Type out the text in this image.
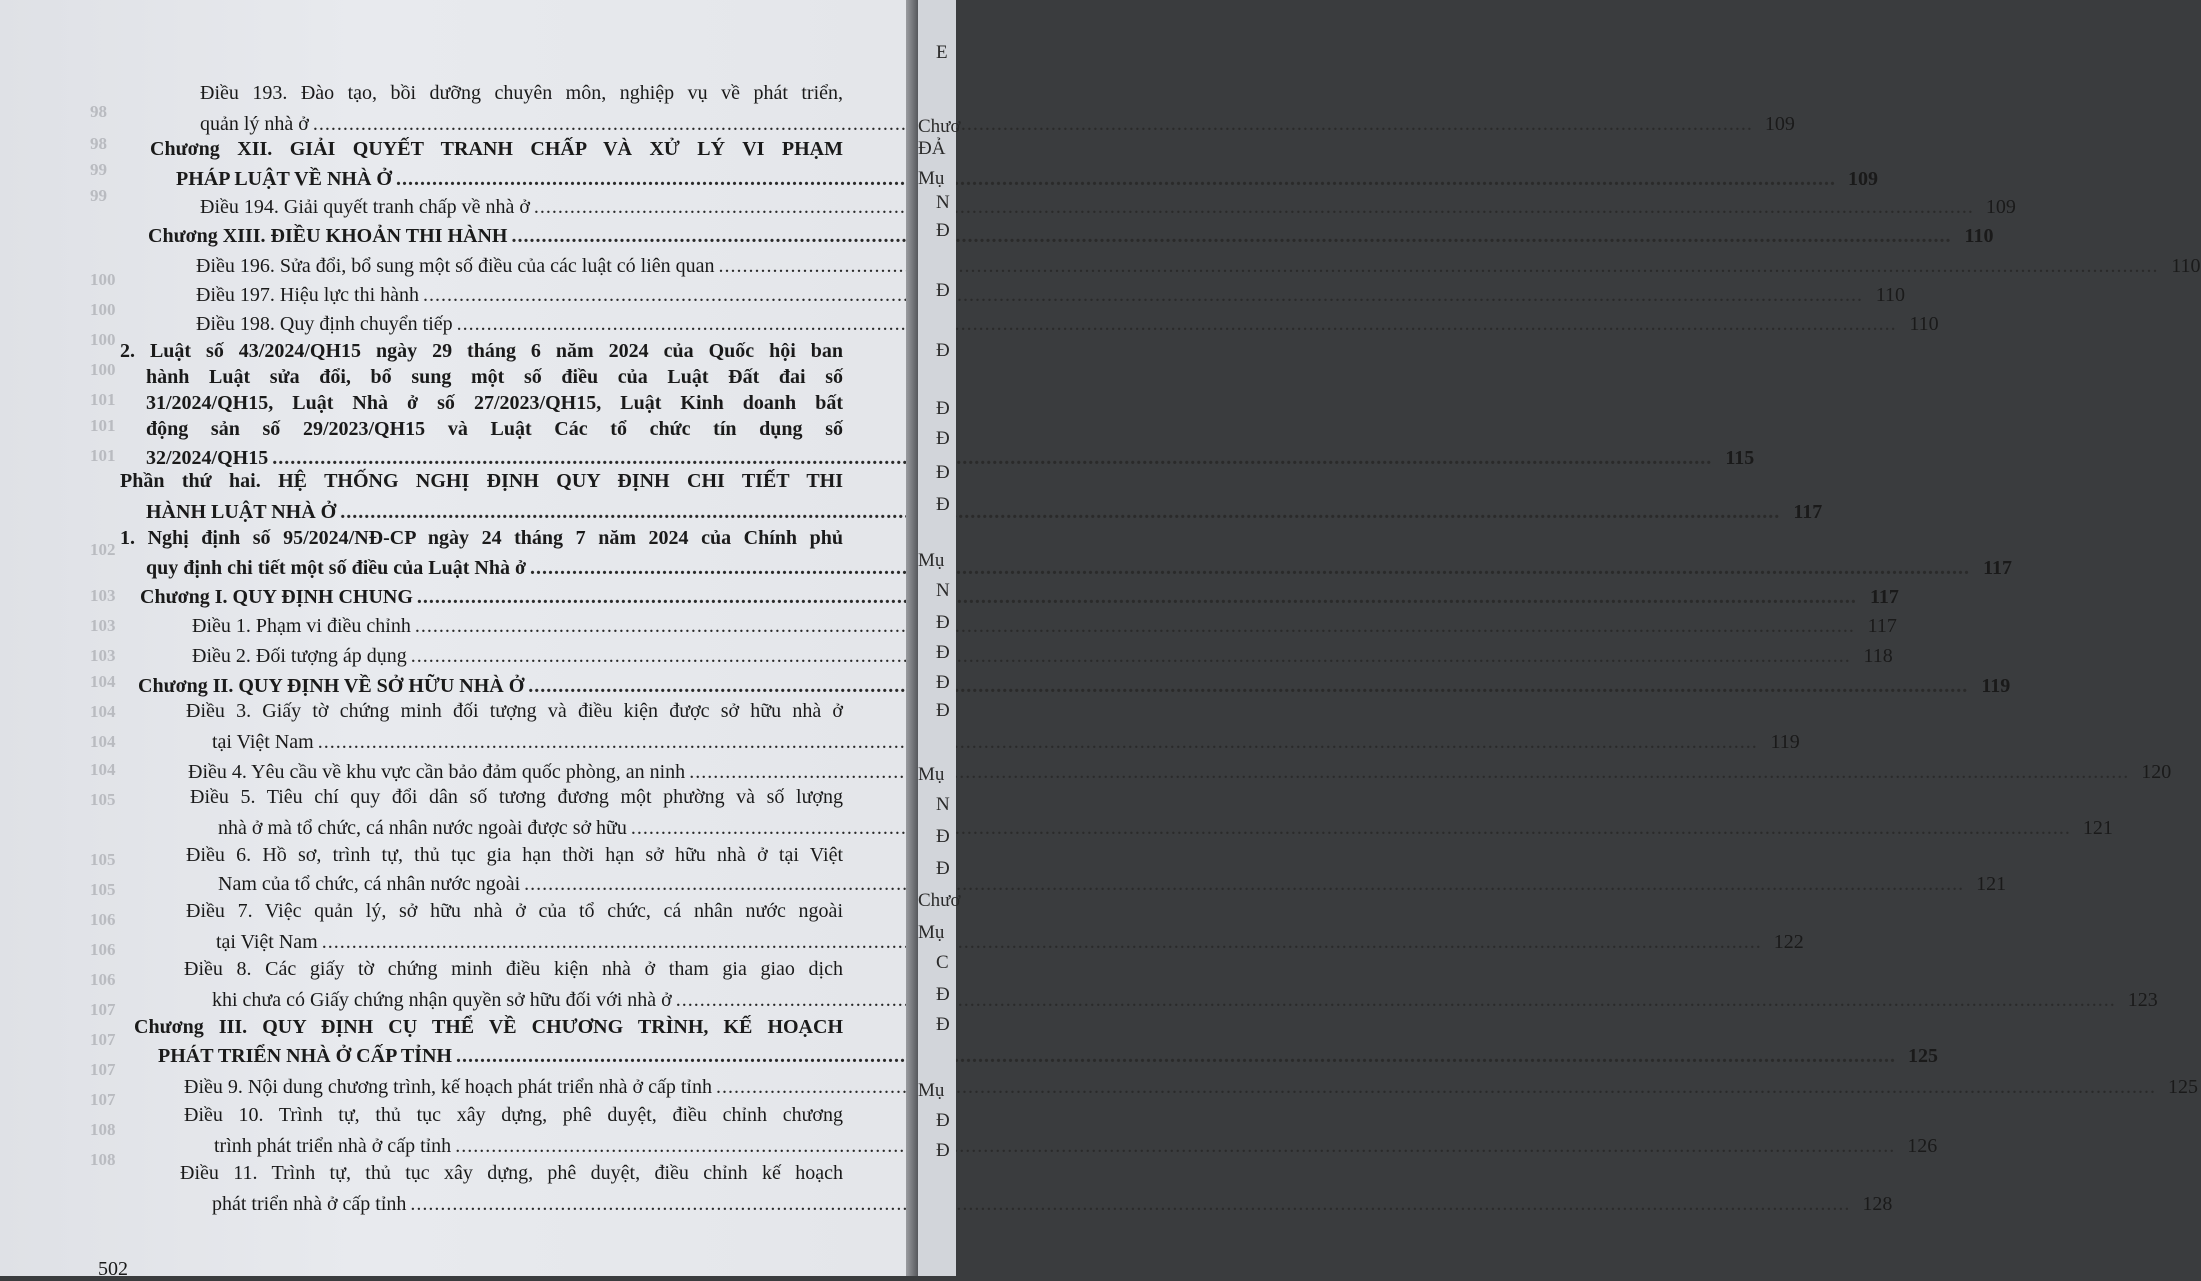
98
98
99
99
100
100
100
100
101
101
101
102
103
103
103
104
104
104
104
105
105
105
106
106
106
107
107
107
107
108
108
Điều 193. Đào tạo, bồi dưỡng chuyên môn, nghiệp vụ về phát triển,
quản lý nhà ở .....	109
Chương XII. GIẢI QUYẾT TRANH CHẤP VÀ XỬ LÝ VI PHẠM
PHÁP LUẬT VỀ NHÀ Ở .....	109
Điều 194. Giải quyết tranh chấp về nhà ở .....	109
Chương XIII. ĐIỀU KHOẢN THI HÀNH .....	110
Điều 196. Sửa đổi, bổ sung một số điều của các luật có liên quan .....	110
Điều 197. Hiệu lực thi hành .....	110
Điều 198. Quy định chuyển tiếp .....	110
2. Luật số 43/2024/QH15 ngày 29 tháng 6 năm 2024 của Quốc hội ban
hành Luật sửa đổi, bổ sung một số điều của Luật Đất đai số
31/2024/QH15, Luật Nhà ở số 27/2023/QH15, Luật Kinh doanh bất
động sản số 29/2023/QH15 và Luật Các tổ chức tín dụng số
32/2024/QH15 .....	115
Phần thứ hai. HỆ THỐNG NGHỊ ĐỊNH QUY ĐỊNH CHI TIẾT THI
HÀNH LUẬT NHÀ Ở .....	117
1. Nghị định số 95/2024/NĐ-CP ngày 24 tháng 7 năm 2024 của Chính phủ
quy định chi tiết một số điều của Luật Nhà ở .....	117
Chương I. QUY ĐỊNH CHUNG .....	117
Điều 1. Phạm vi điều chỉnh .....	117
Điều 2. Đối tượng áp dụng .....	118
Chương II. QUY ĐỊNH VỀ SỞ HỮU NHÀ Ở .....	119
Điều 3. Giấy tờ chứng minh đối tượng và điều kiện được sở hữu nhà ở
tại Việt Nam .....	119
Điều 4. Yêu cầu về khu vực cần bảo đảm quốc phòng, an ninh .....	120
Điều 5. Tiêu chí quy đổi dân số tương đương một phường và số lượng
nhà ở mà tổ chức, cá nhân nước ngoài được sở hữu .....	121
Điều 6. Hồ sơ, trình tự, thủ tục gia hạn thời hạn sở hữu nhà ở tại Việt
Nam của tổ chức, cá nhân nước ngoài .....	121
Điều 7. Việc quản lý, sở hữu nhà ở của tổ chức, cá nhân nước ngoài
tại Việt Nam .....	122
Điều 8. Các giấy tờ chứng minh điều kiện nhà ở tham gia giao dịch
khi chưa có Giấy chứng nhận quyền sở hữu đối với nhà ở .....	123
Chương III. QUY ĐỊNH CỤ THỂ VỀ CHƯƠNG TRÌNH, KẾ HOẠCH
PHÁT TRIỂN NHÀ Ở CẤP TỈNH .....	125
Điều 9. Nội dung chương trình, kế hoạch phát triển nhà ở cấp tỉnh .....	125
Điều 10. Trình tự, thủ tục xây dựng, phê duyệt, điều chỉnh chương
trình phát triển nhà ở cấp tỉnh .....	126
Điều 11. Trình tự, thủ tục xây dựng, phê duyệt, điều chỉnh kế hoạch
phát triển nhà ở cấp tỉnh .....	128
502
E
Chươ
ĐẢ
Mụ
N
Đ
Đ
Đ
Đ
Đ
Đ
Đ
Mụ
N
Đ
Đ
Đ
Đ
Mụ
N
Đ
Đ
Chươ
Mụ
C
Đ
Đ
Mụ
Đ
Đ
